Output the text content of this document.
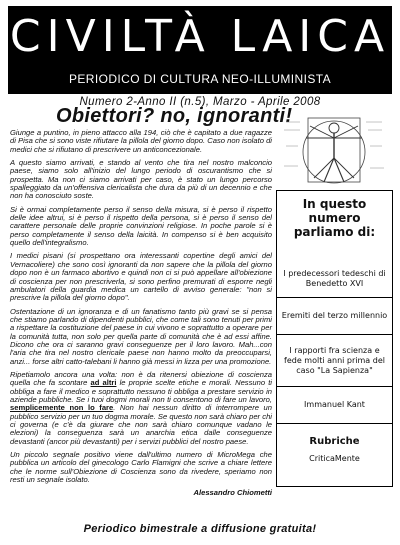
CIVILTÀ LAICA
PERIODICO DI CULTURA NEO-ILLUMINISTA
Numero 2-Anno II (n.5), Marzo - Aprile 2008
Obiettori? no, ignoranti!

Giunge a puntino, in pieno attacco alla 194, ciò che è capitato a due ragazze di Pisa che si sono viste rifiutare la pillola del giorno dopo. Caso non isolato di medici che si rifiutano di prescrivere un anticoncezionale.

A questo siamo arrivati, e stando al vento che tira nel nostro malconcio paese, siamo solo all'inizio del lungo periodo di oscurantismo che si prospetta. Ma non ci siamo arrivati per caso, è stato un lungo percorso spalleggiato da un'offensiva clericalista che dura da più di un decennio e che non ha conosciuto soste.

Si è ormai completamente perso il senso della misura, si è perso il rispetto delle idee altrui, si è perso il rispetto della persona, si è perso il senso del carattere personale delle proprie convinzioni religiose. In poche parole si è perso completamente il senso della laicità. In compenso si è ben acquisito quello dell'integralismo.

I medici pisani (si prospettano ora interessanti copertine degli amici del Vernacoliere) che sono così ignoranti da non sapere che la pillola del giorno dopo non è un farmaco abortivo e quindi non ci si può appellare all'obiezione di coscienza per non prescriverla, si sono perfino premurati di esporre negli ambulatori della guardia medica un cartello di avviso generale: "non si prescrive la pillola del giorno dopo".

Ostentazione di un ignoranza e di un fanatismo tanto più gravi se si pensa che stiamo parlando di dipendenti pubblici, che come tali sono tenuti per primi a rispettare la costituzione del paese in cui vivono e soprattutto a operare per la comunità tutta, non solo per quella parte di comunità che è ad essi affine. Dicono che ora ci saranno gravi conseguenze per il loro lavoro. Mah...con l'aria che tira nel nostro clericale paese non hanno molto da preoccuparsi, anzi... forse altri catto-talebani li hanno già messi in lizza per una promozione.

Ripetiamolo ancora una volta: non è da ritenersi obiezione di coscienza quella che fa scontare ad altri le proprie scelte etiche e morali. Nessuno ti obbliga a fare il medico e soprattutto nessuno ti obbliga a prestare servizio in aziende pubbliche. Se i tuoi dogmi morali non ti consentono di fare un lavoro, semplicemente non lo fare. Non hai nessun diritto di interrompere un pubblico servizio per un tuo dogma morale. Se questo non sarà chiaro per chi ci governa (e c'è da giurare che non sarà chiaro comunque vadano le elezioni) la conseguenza sarà un anarchia etica dalle conseguenze devastanti (ancor più devastanti) per i servizi pubblici del nostro paese.

Un piccolo segnale positivo viene dall'ultimo numero di MicroMega che pubblica un articolo del ginecologo Carlo Flamigni che scrive a chiare lettere che le norme sull'Obiezione di Coscienza sono da rivedere, speriamo non resti un segnale isolato.

Alessandro Chiometti
In questo numero parliamo di:
I predecessori tedeschi di Benedetto XVI
Eremiti del terzo millennio
I rapporti fra scienza e fede molti anni prima del caso "La Sapienza"
Immanuel Kant
Rubriche
CriticaMente
Periodico bimestrale a diffusione gratuita!
